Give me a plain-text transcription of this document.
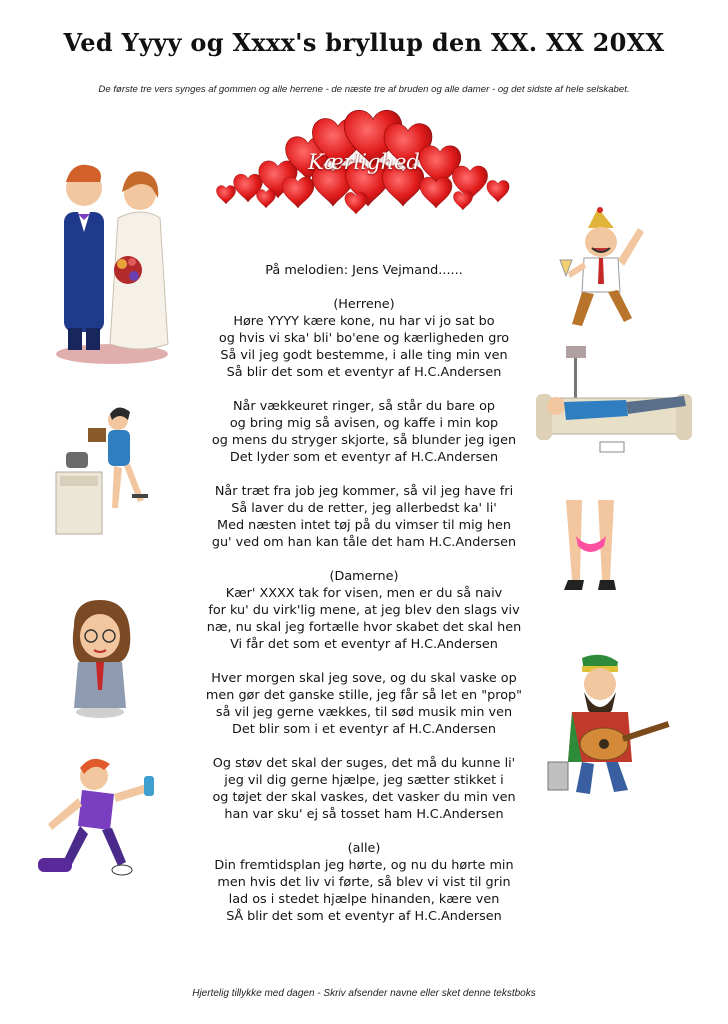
Ved Yyyy og Xxxx's bryllup den XX. XX 20XX
De første tre vers synges af gommen og alle herrene - de næste tre af bruden og alle damer - og det sidste af hele selskabet.
Kærlighed
På melodien: Jens Vejmand......
(Herrene)
Høre YYYY kære kone, nu har vi jo sat bo
og hvis vi ska' bli' bo'ene og kærligheden gro
Så vil jeg godt bestemme, i alle ting min ven
Så blir det som et eventyr af H.C.Andersen
Når vækkeuret ringer, så står du bare op
og bring mig så avisen, og kaffe i min kop
og mens du stryger skjorte, så blunder jeg igen
Det lyder som et eventyr af H.C.Andersen
Når træt fra job jeg kommer, så vil jeg have fri
Så laver du de retter, jeg allerbedst ka' li'
Med næsten intet tøj på du vimser til mig hen
gu' ved om han kan tåle det ham H.C.Andersen
(Damerne)
Kær' XXXX tak for visen, men er du så naiv
for ku' du virk'lig mene, at jeg blev den slags viv
næ, nu skal jeg fortælle hvor skabet det skal hen
Vi får det som et eventyr af H.C.Andersen
Hver morgen skal jeg sove, og du skal vaske op
men gør det ganske stille, jeg får så let en "prop"
så vil jeg gerne vækkes, til sød musik min ven
Det blir som i et eventyr af H.C.Andersen
Og støv det skal der suges, det må du kunne li'
jeg vil dig gerne hjælpe, jeg sætter stikket i
og tøjet der skal vaskes, det vasker du min ven
han var sku' ej så tosset ham H.C.Andersen
(alle)
Din fremtidsplan jeg hørte, og nu du hørte min
men hvis det liv vi førte, så blev vi vist til grin
lad os i stedet hjælpe hinanden, kære ven
SÅ blir det som et eventyr af H.C.Andersen
Hjertelig tillykke med dagen - Skriv afsender navne eller sket denne tekstboks
